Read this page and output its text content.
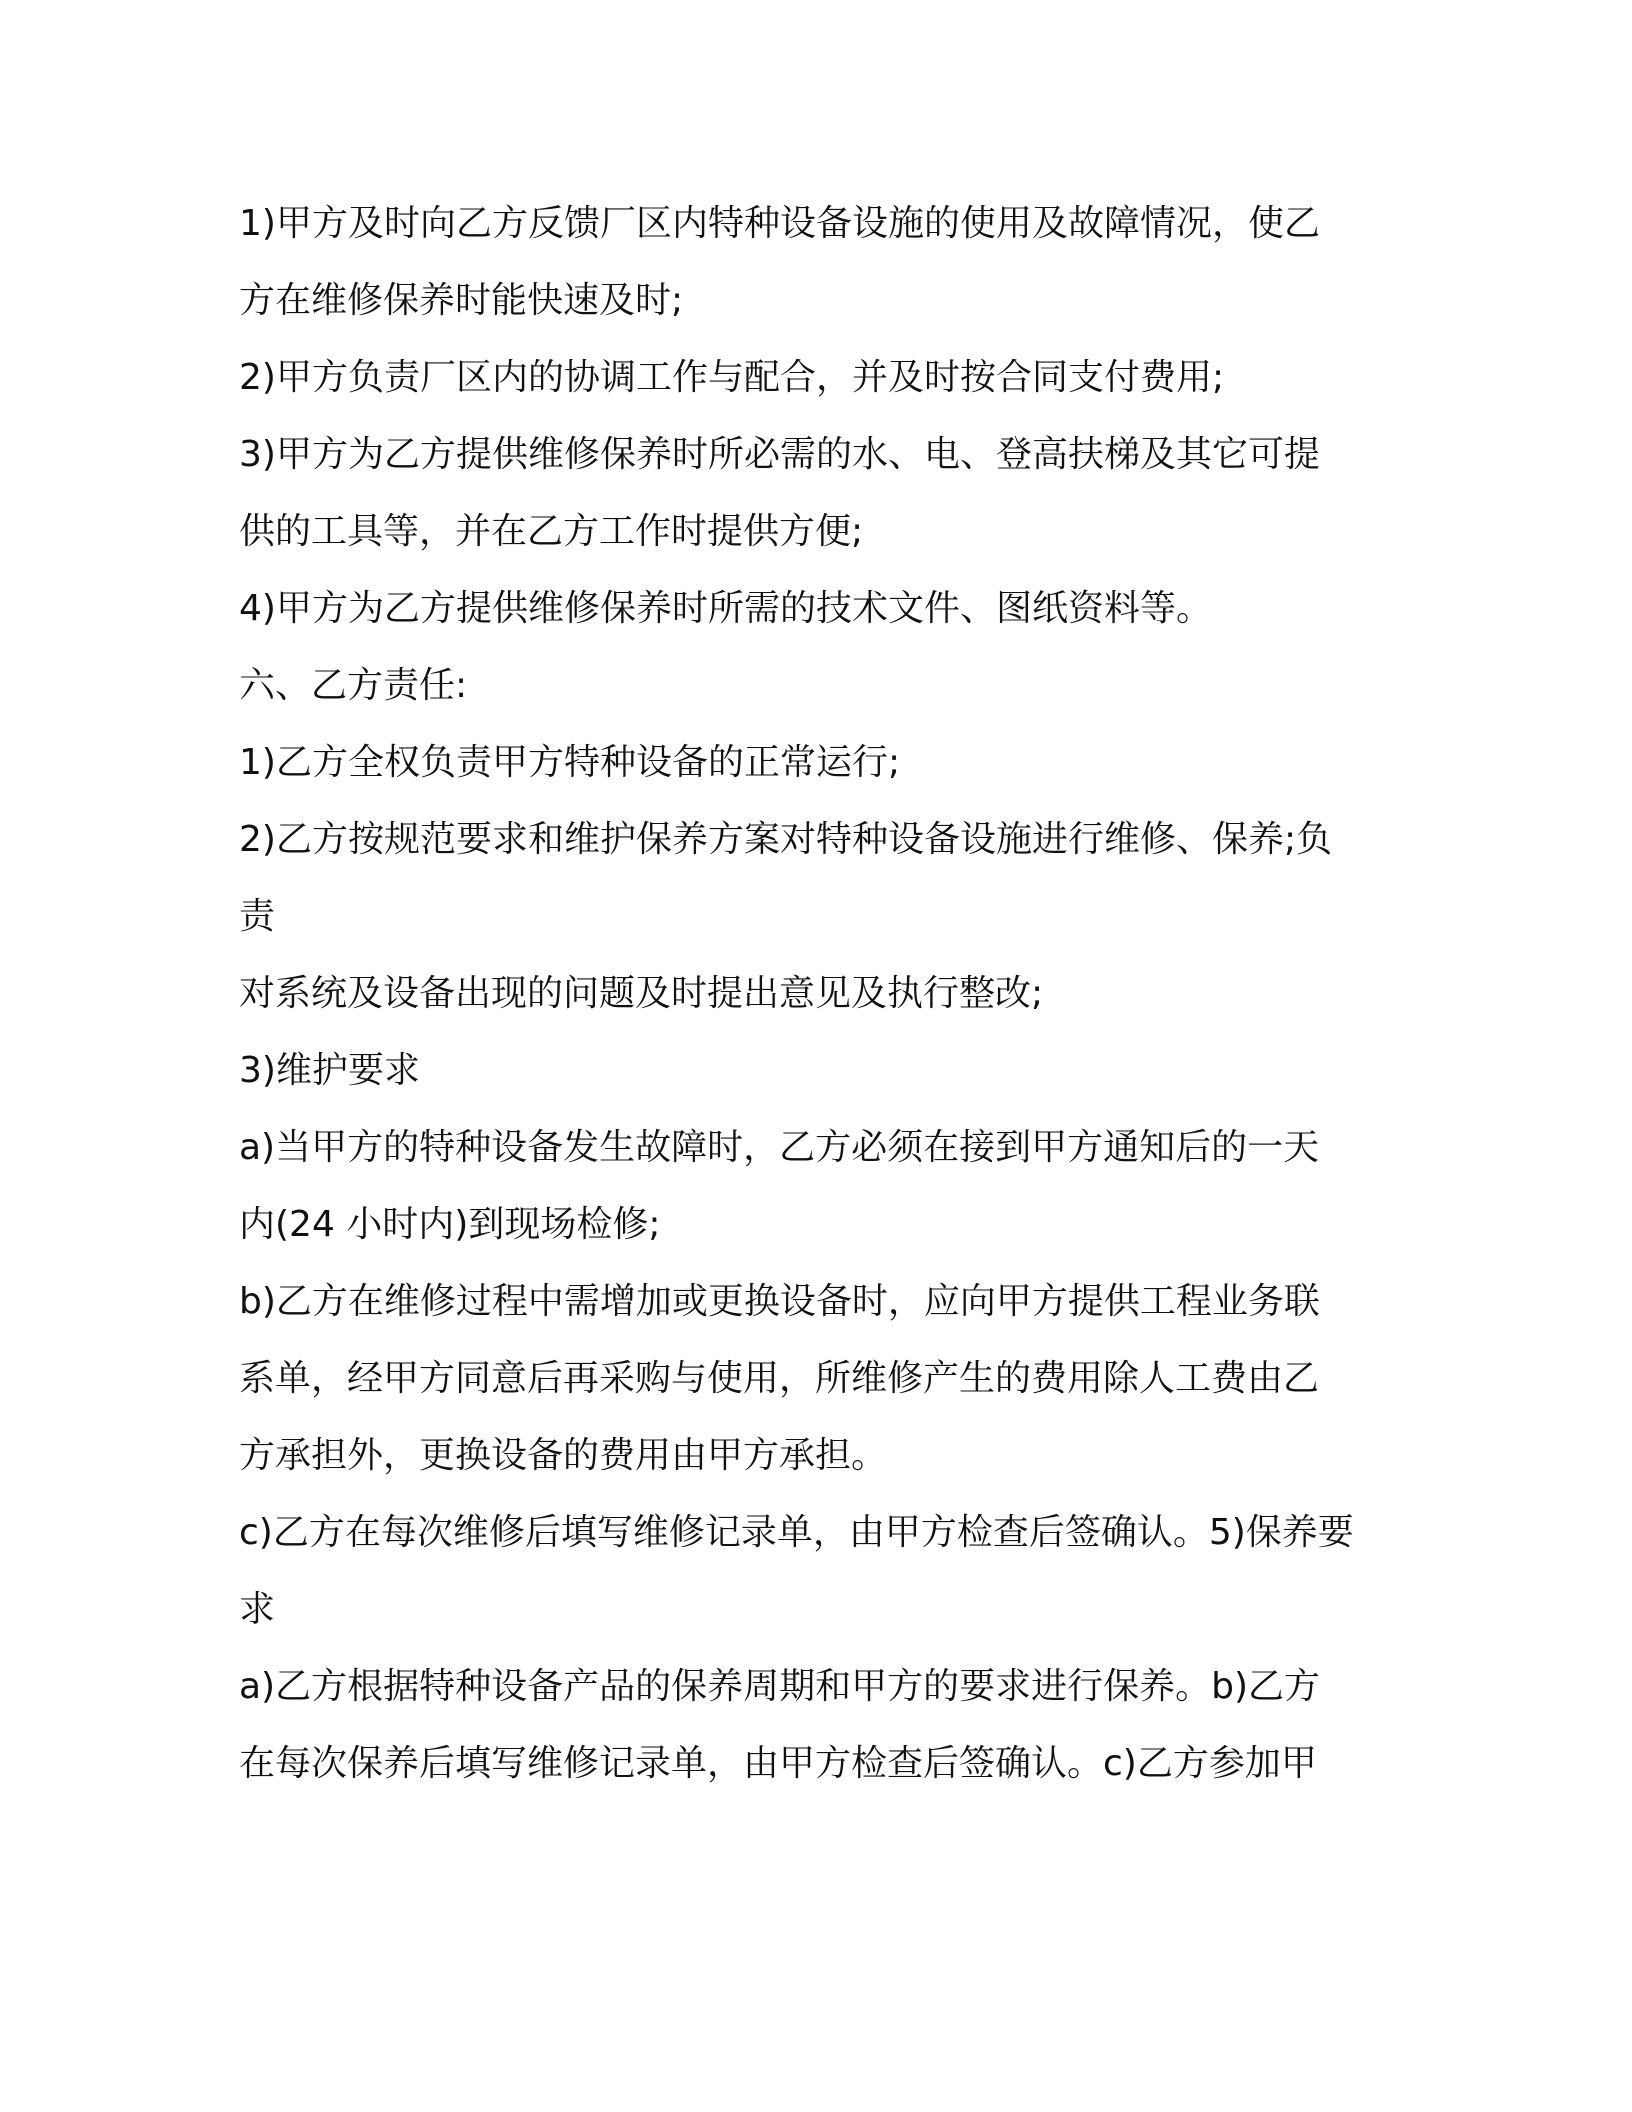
1)甲方及时向乙方反馈厂区内特种设备设施的使用及故障情况，使乙
方在维修保养时能快速及时;
2)甲方负责厂区内的协调工作与配合，并及时按合同支付费用;
3)甲方为乙方提供维修保养时所必需的水、电、登高扶梯及其它可提
供的工具等，并在乙方工作时提供方便;
4)甲方为乙方提供维修保养时所需的技术文件、图纸资料等。
六、乙方责任:
1)乙方全权负责甲方特种设备的正常运行;
2)乙方按规范要求和维护保养方案对特种设备设施进行维修、保养;负
责
对系统及设备出现的问题及时提出意见及执行整改;
3)维护要求
a)当甲方的特种设备发生故障时，乙方必须在接到甲方通知后的一天
内(24 小时内)到现场检修;
b)乙方在维修过程中需增加或更换设备时，应向甲方提供工程业务联
系单，经甲方同意后再采购与使用，所维修产生的费用除人工费由乙
方承担外，更换设备的费用由甲方承担。
c)乙方在每次维修后填写维修记录单，由甲方检查后签确认。5)保养要
求
a)乙方根据特种设备产品的保养周期和甲方的要求进行保养。b)乙方
在每次保养后填写维修记录单，由甲方检查后签确认。c)乙方参加甲
